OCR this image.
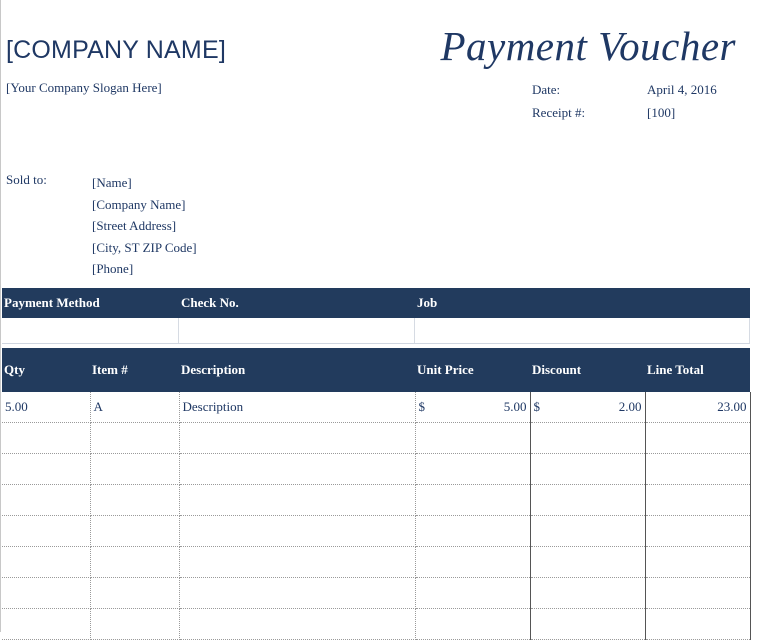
[COMPANY NAME]
[Your Company Slogan Here]
Payment Voucher
Date:	April 4, 2016
Receipt #:	[100]
Sold to:	[Name]
[Company Name]
[Street Address]
[City, ST ZIP Code]
[Phone]
Payment Method	Check No.	Job
Qty	Item #	Description	Unit Price	Discount	Line Total
5.00	A	Description	$ 5.00	$ 2.00	23.00
